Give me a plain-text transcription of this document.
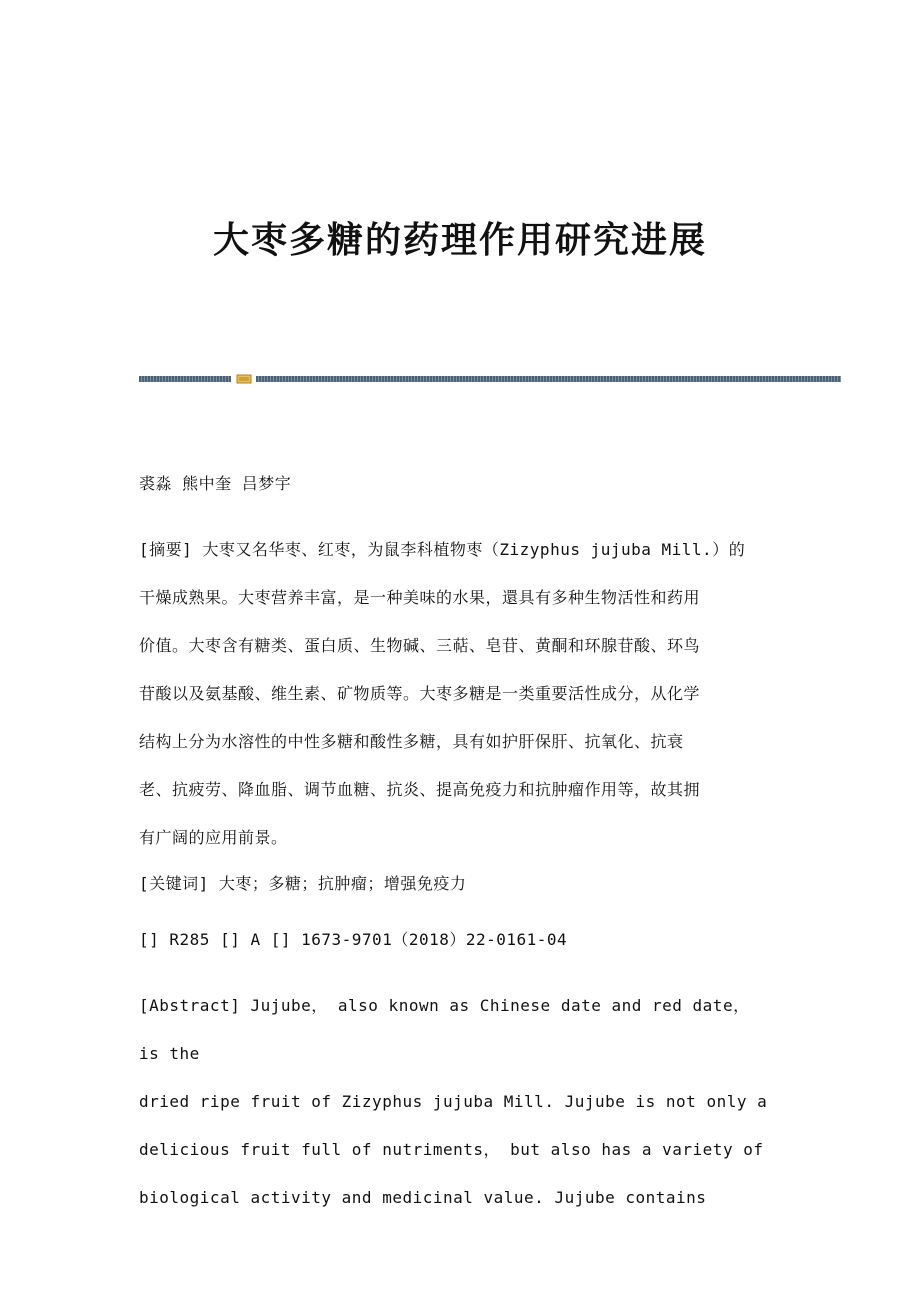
大枣多糖的药理作用研究进展

裘淼 熊中奎 吕梦宇

[摘要] 大枣又名华枣、红枣，为鼠李科植物枣（Zizyphus jujuba Mill.）的

干燥成熟果。大枣营养丰富，是一种美味的水果，還具有多种生物活性和药用

价值。大枣含有糖类、蛋白质、生物碱、三萜、皂苷、黄酮和环腺苷酸、环鸟

苷酸以及氨基酸、维生素、矿物质等。大枣多糖是一类重要活性成分，从化学

结构上分为水溶性的中性多糖和酸性多糖，具有如护肝保肝、抗氧化、抗衰

老、抗疲劳、降血脂、调节血糖、抗炎、提高免疫力和抗肿瘤作用等，故其拥

有广阔的应用前景。

[关键词] 大枣；多糖；抗肿瘤；增强免疫力

[] R285 [] A [] 1673-9701（2018）22-0161-04

[Abstract] Jujube， also known as Chinese date and red date， is the

dried ripe fruit of Zizyphus jujuba Mill. Jujube is not only a

delicious fruit full of nutriments， but also has a variety of

biological activity and medicinal value. Jujube contains
